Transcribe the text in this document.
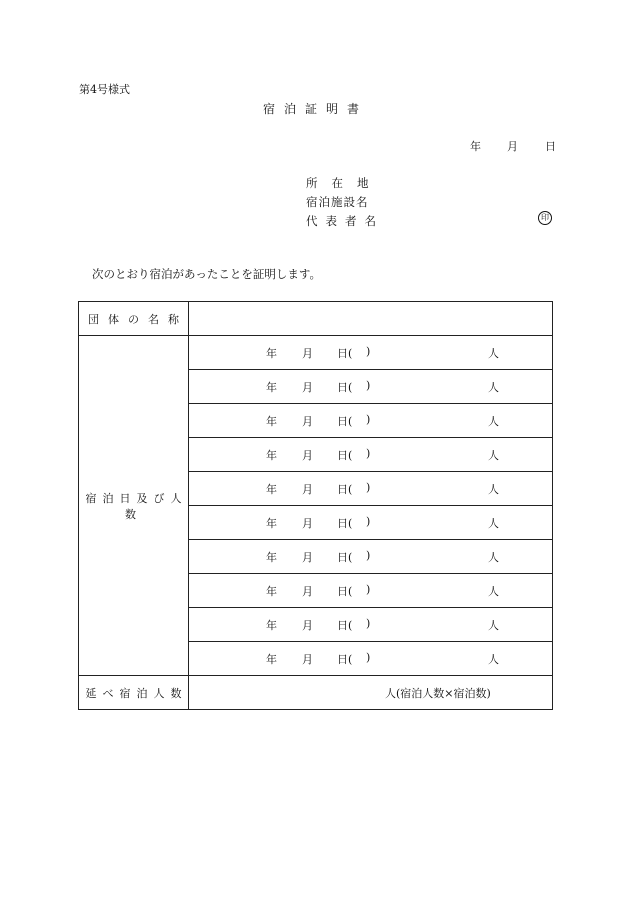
第4号様式
宿泊証明書
年 月 日
所在地
宿泊施設名
代表者名	印
次のとおり宿泊があったことを証明します。
団体の名称	
宿泊日及び人数	年 月 日( ) 人

	年 月 日( ) 人

	年 月 日( ) 人

	年 月 日( ) 人

	年 月 日( ) 人

	年 月 日( ) 人

	年 月 日( ) 人

	年 月 日( ) 人

	年 月 日( ) 人

	年 月 日( ) 人

延べ宿泊人数	人(宿泊人数×宿泊数)
